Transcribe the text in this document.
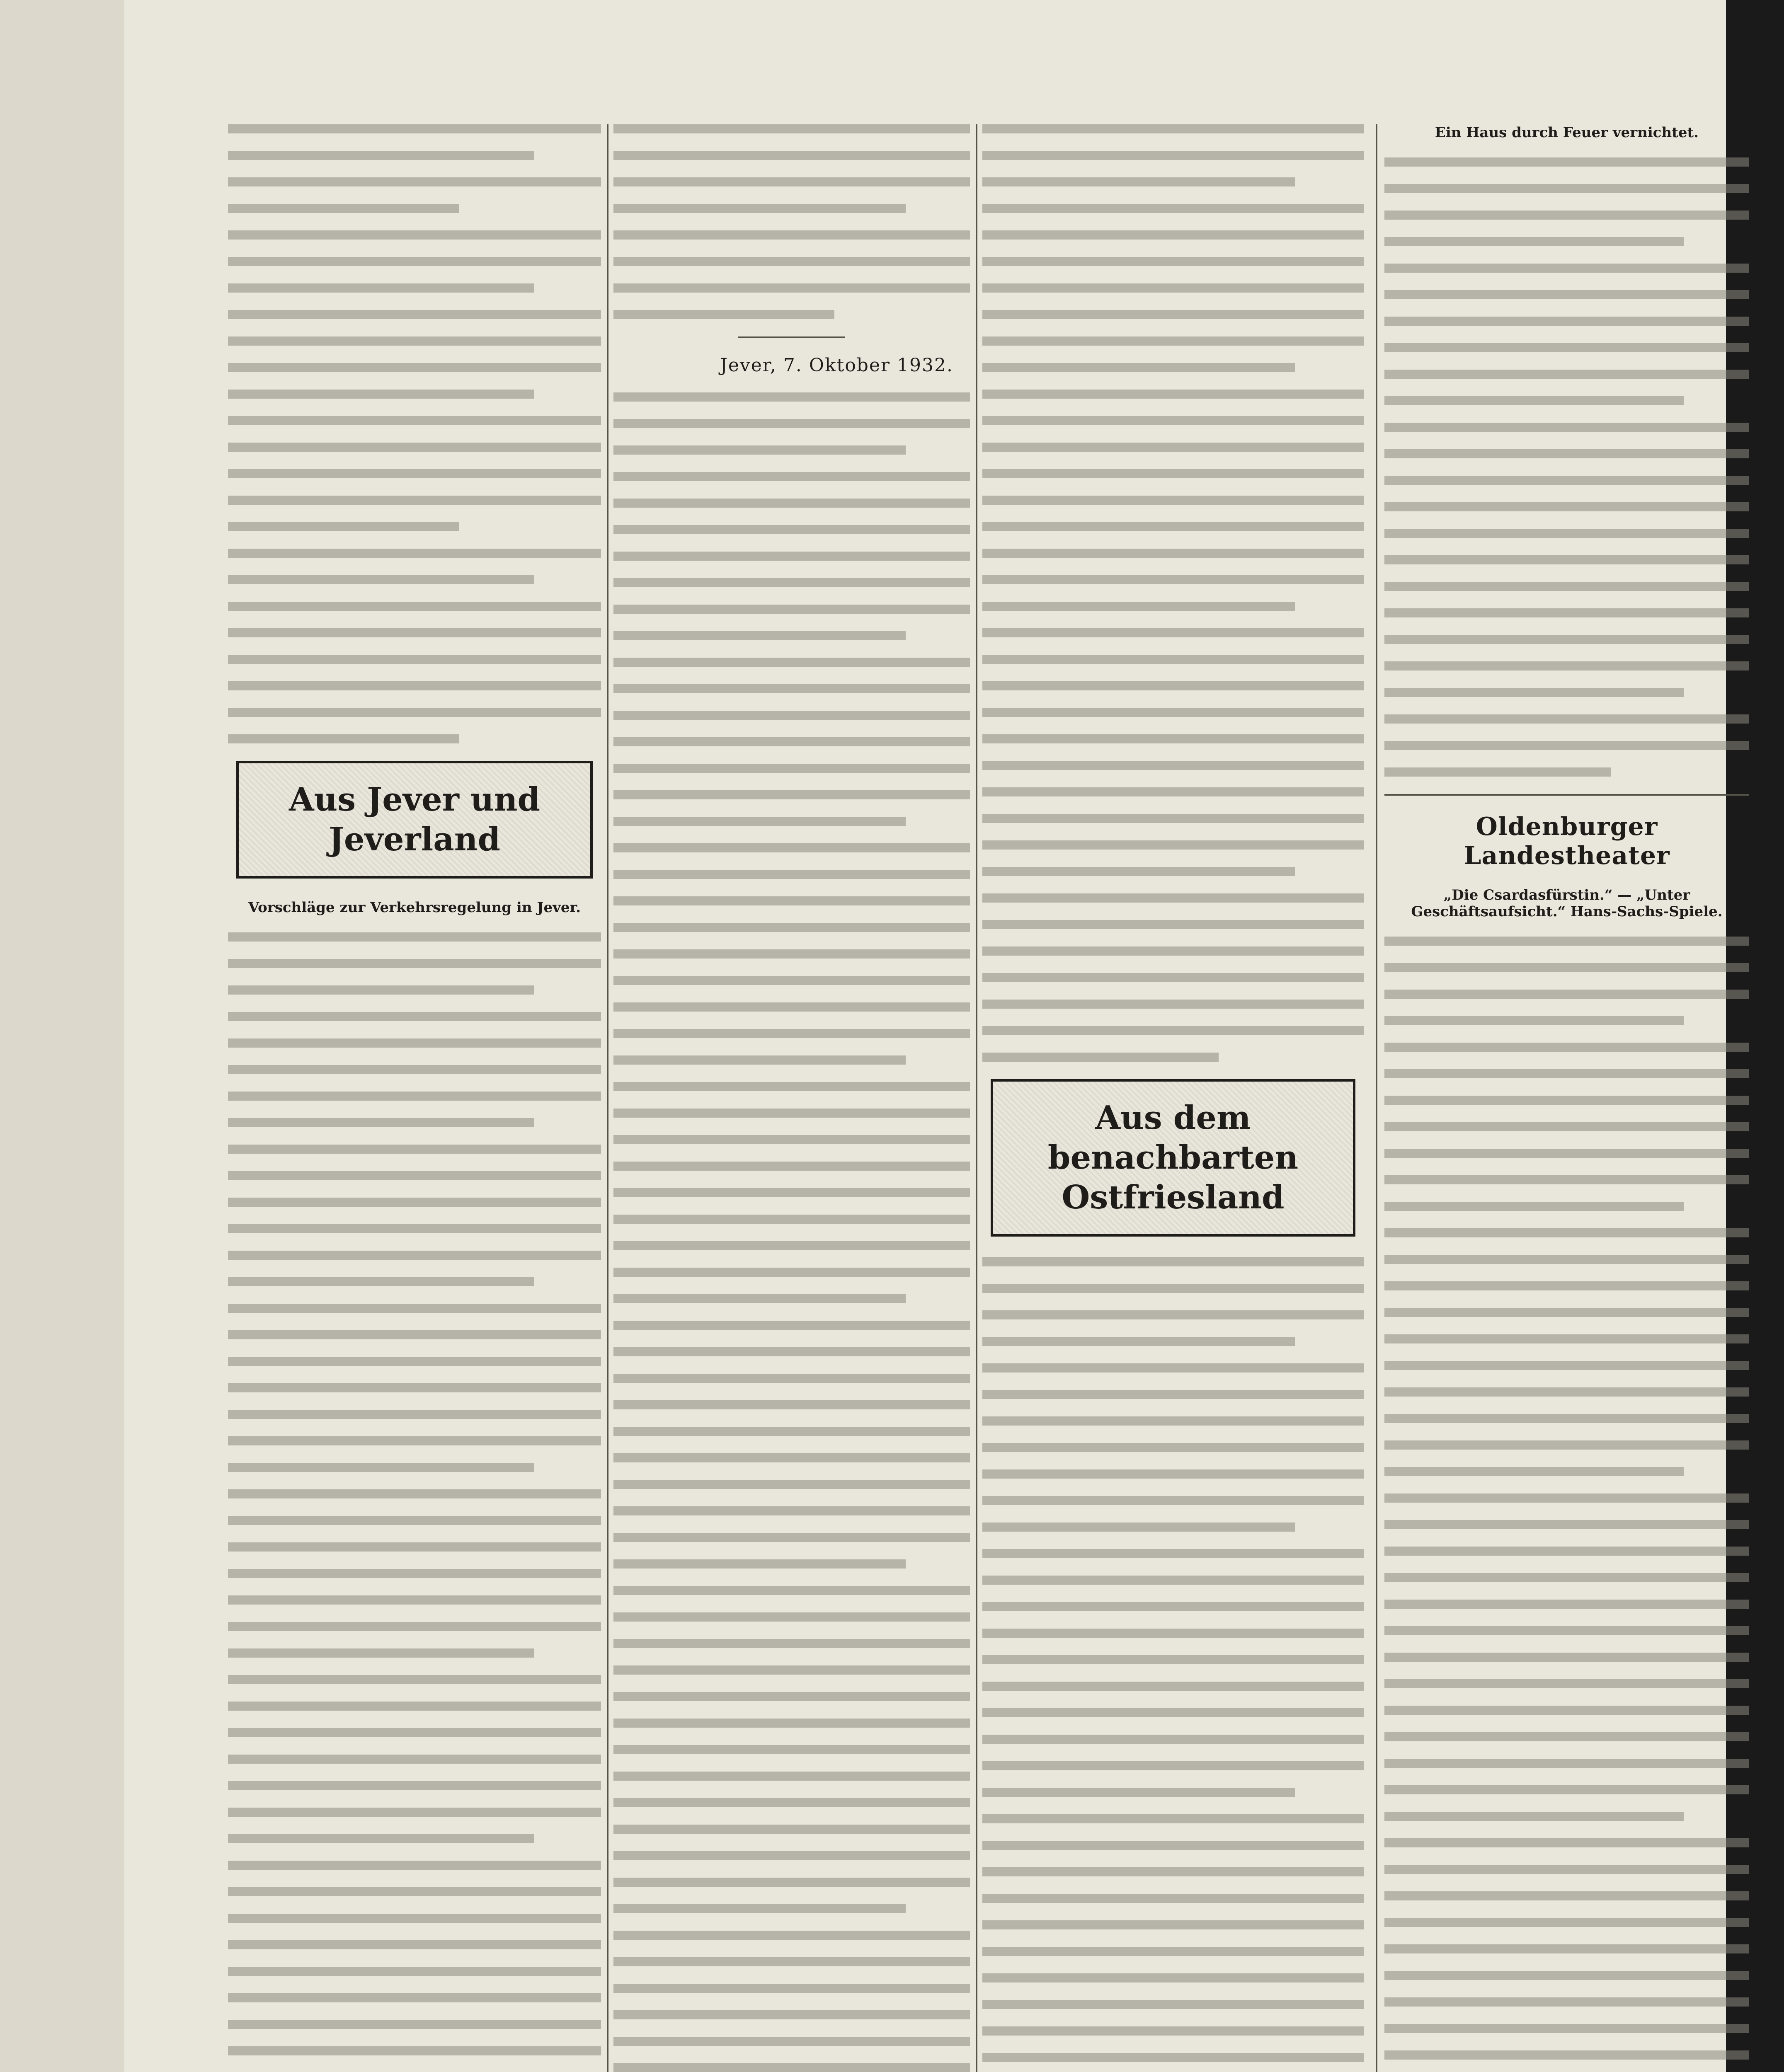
Aus Jever und Jeverland
Vorschläge zur Verkehrsregelung in Jever.
Jever, 7. Oktober 1932.
Aus dem benachbarten Ostfriesland
Ein Haus durch Feuer vernichtet.
Oldenburger Landestheater
„Die Csardasfürstin.“ — „Unter Geschäftsaufsicht.“ Hans-Sachs-Spiele.
